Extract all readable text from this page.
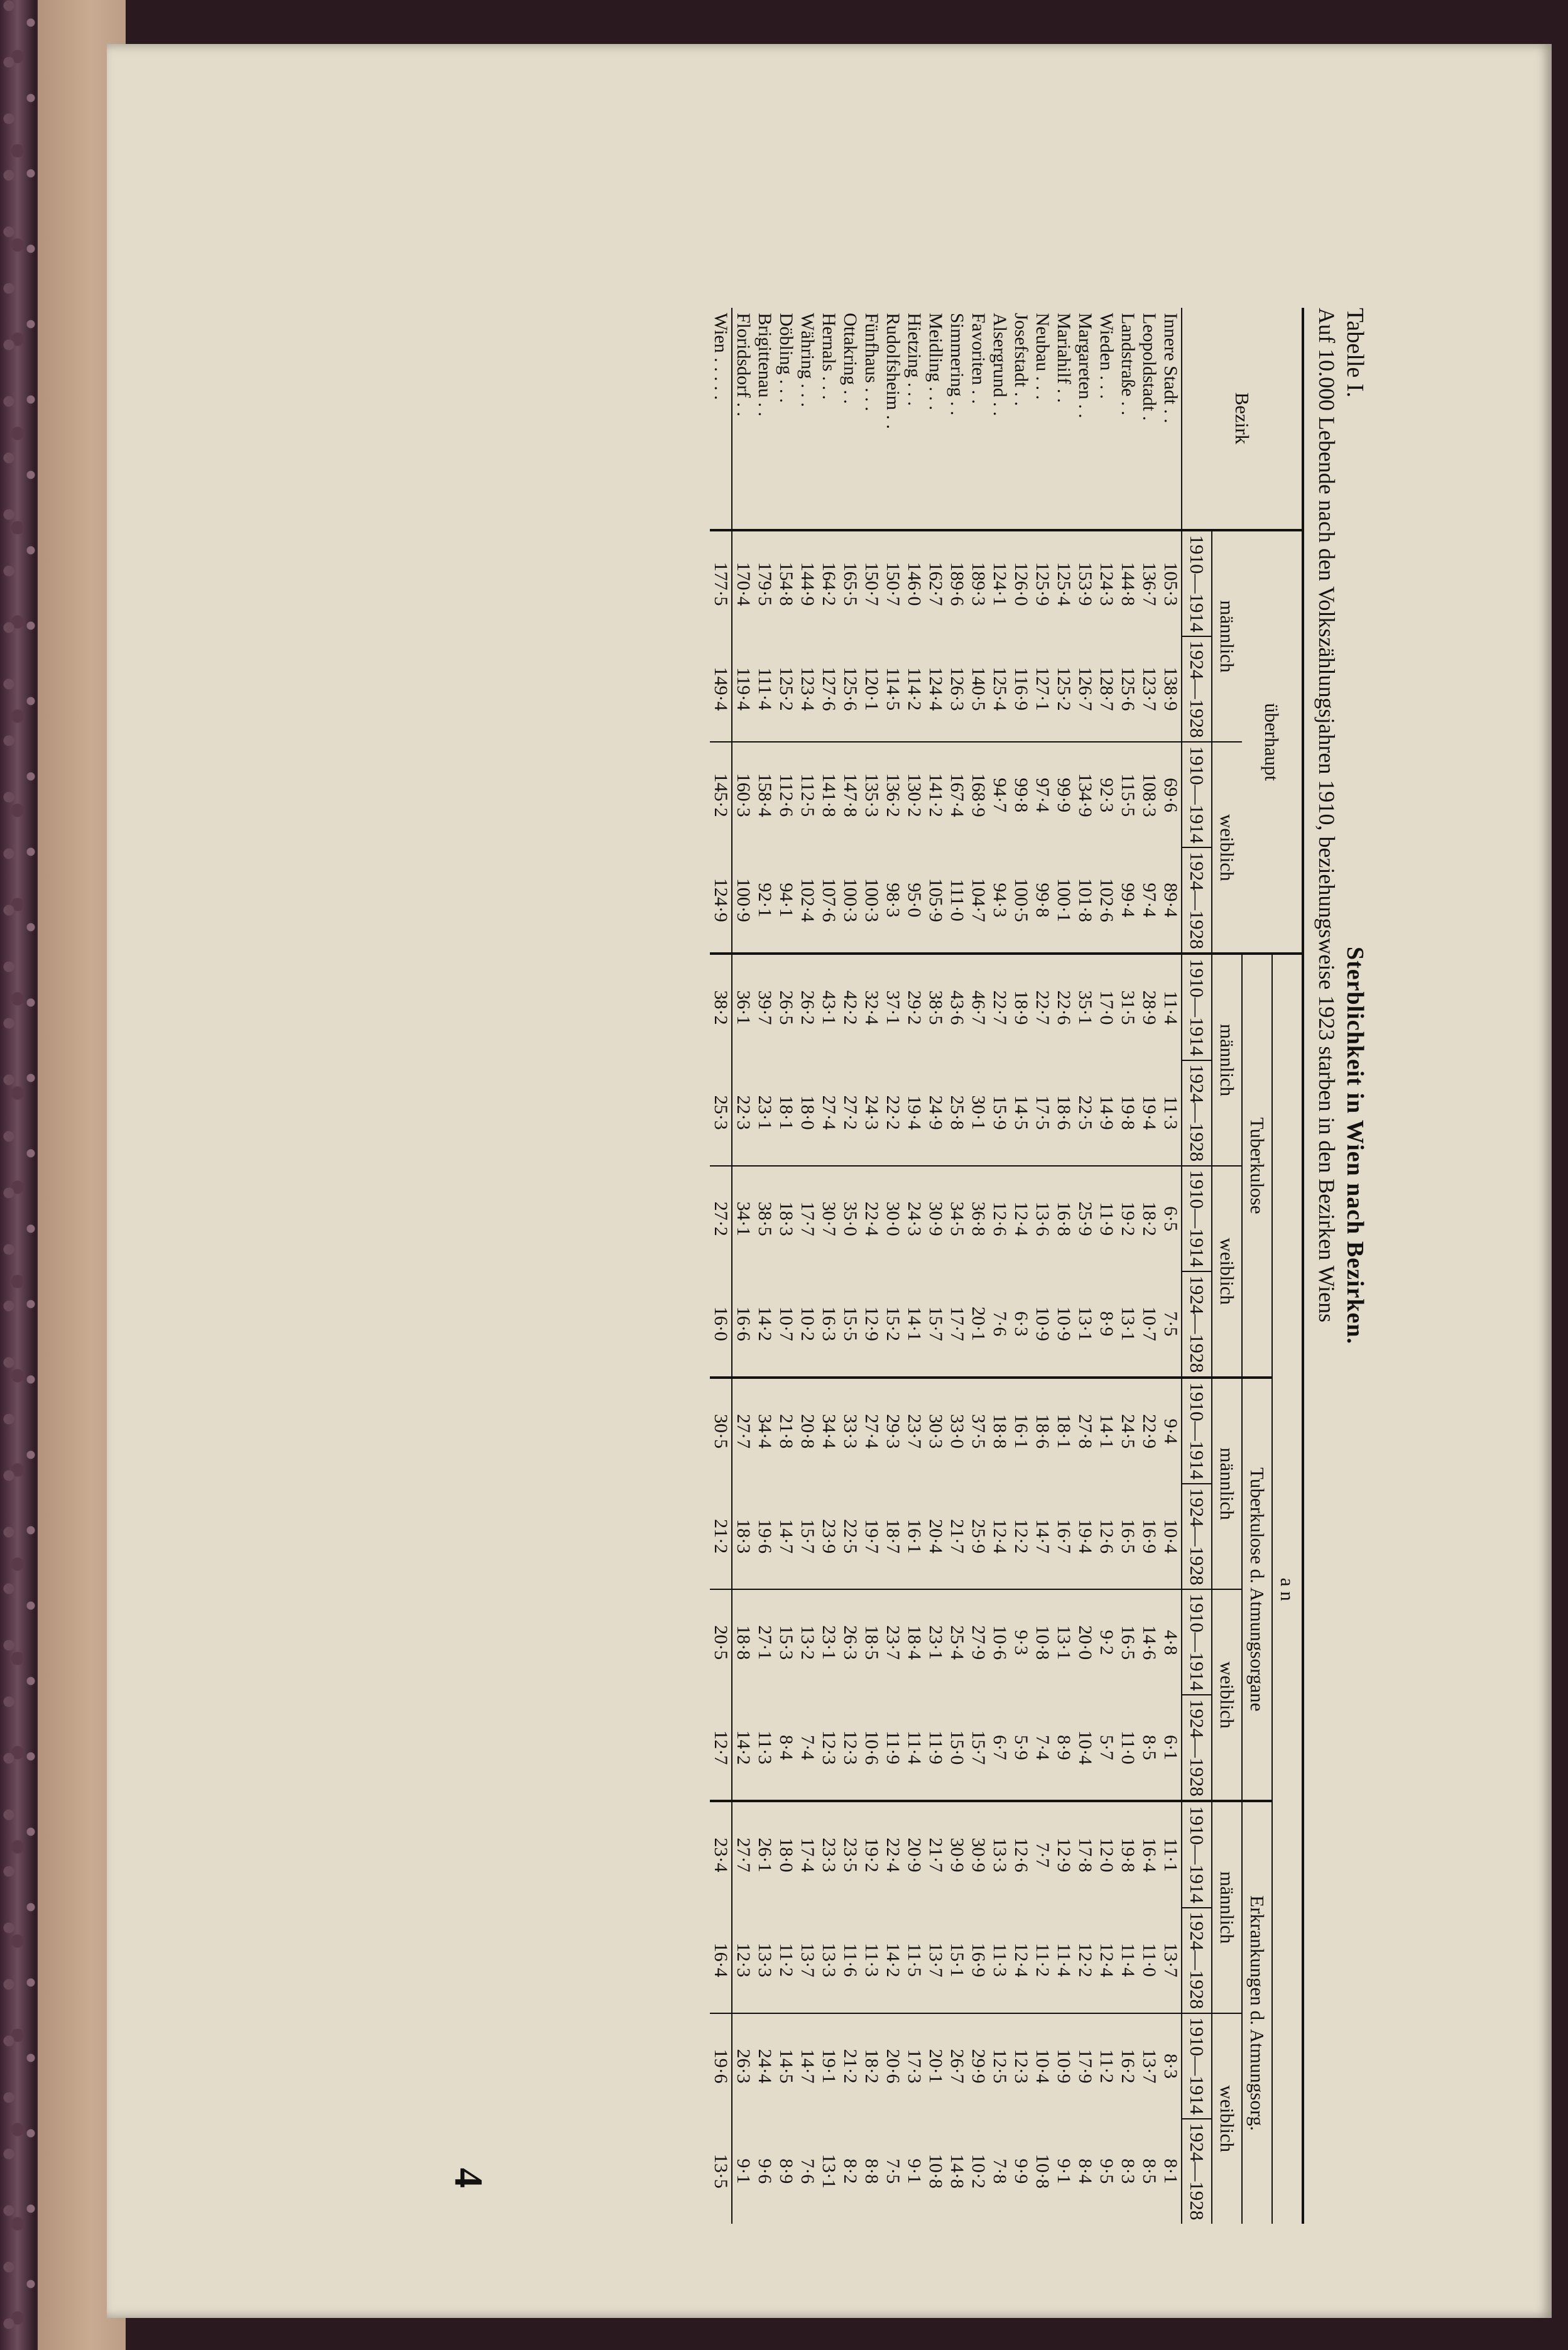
Tabelle I.                                                                                            Sterblichkeit in Wien nach Bezirken.
Auf 10.000 Lebende nach den Volkszählungsjahren 1910, beziehungsweise 1923 starben in den Bezirken Wiens
Bezirk	überhaupt				a n											
					Tuberkulose				Tuberkulose d. Atmungsorgane				Erkrankungen d. Atmungsorg.			
	männlich		weiblich		männlich		weiblich		männlich		weiblich		männlich		weiblich	
	1910—1914	1924—1928	1910—1914	1924—1928	1910—1914	1924—1928	1910—1914	1924—1928	1910—1914	1924—1928	1910—1914	1924—1928	1910—1914	1924—1928	1910—1914	1924—1928
Innere Stadt . .	105·3	138·9	69·6	89·4	11·4	11·3	6·5	7·5	9·4	10·4	4·8	6·1	11·1	13·7	8·3	8·1
Leopoldstadt .	136·7	123·7	108·3	97·4	28·9	19·4	18·2	10·7	22·9	16·9	14·6	8·5	16·4	11·0	13·7	8·5
Landstraße . .	144·8	125·6	115·5	99·4	31·5	19·8	19·2	13·1	24·5	16·5	16·5	11·0	19·8	11·4	16·2	8·3
Wieden . . .	124·3	128·7	92·3	102·6	17·0	14·9	11·9	8·9	14·1	12·6	9·2	5·7	12·0	12·4	11·2	9·5
Margareten . .	153·9	126·7	134·9	101·8	35·1	22·5	25·9	13·1	27·8	19·4	20·0	10·4	17·8	12·2	17·9	8·4
Mariahilf . .	125·4	125·2	99·9	100·1	22·6	18·6	16·8	10·9	18·1	16·7	13·1	8·9	12·9	11·4	10·9	9·1
Neubau . . .	125·9	127·1	97·4	99·8	22·7	17·5	13·6	10·9	18·6	14·7	10·8	7·4	7·7	11·2	10·4	10·8
Josefstadt . .	126·0	116·9	99·8	100·5	18·9	14·5	12·4	6·3	16·1	12·2	9·3	5·9	12·6	12·4	12·3	9·9
Alsergrund . .	124·1	125·4	94·7	94·3	22·7	15·9	12·6	7·6	18·8	12·4	10·6	6·7	13·3	11·3	12·5	7·8
Favoriten . .	189·3	140·5	168·9	104·7	46·7	30·1	36·8	20·1	37·5	25·9	27·9	15·7	30·9	16·9	29·9	10·2
Simmering . .	189·6	126·3	167·4	111·0	43·6	25·8	34·5	17·7	33·0	21·7	25·4	15·0	30·9	15·1	26·7	14·8
Meidling . . .	162·7	124·4	141·2	105·9	38·5	24·9	30·9	15·7	30·3	20·4	23·1	11·9	21·7	13·7	20·1	10·8
Hietzing . . .	146·0	114·2	130·2	95·0	29·2	19·4	24·3	14·1	23·7	16·1	18·4	11·4	20·9	11·5	17·3	9·1
Rudolfsheim . .	150·7	114·5	136·2	98·3	37·1	22·2	30·0	15·2	29·3	18·7	23·7	11·9	22·4	14·2	20·6	7·5
Fünfhaus . . .	150·7	120·1	135·3	100·3	32·4	24·3	22·4	12·9	27·4	19·7	18·5	10·6	19·2	11·3	18·2	8·8
Ottakring . .	165·5	125·6	147·8	100·3	42·2	27·2	35·0	15·5	33·3	22·5	26·3	12·3	23·5	11·6	21·2	8·2
Hernals . . .	164·2	127·6	141·8	107·6	43·1	27·4	30·7	16·3	34·4	23·9	23·1	12·3	23·3	13·3	19·1	13·1
Währing . . .	144·9	123·4	112·5	102·4	26·2	18·0	17·7	10·2	20·8	15·7	13·2	7·4	17·4	13·7	14·7	7·6
Döbling . . .	154·8	125·2	112·6	94·1	26·5	18·1	18·3	10·7	21·8	14·7	15·3	8·4	18·0	11·2	14·5	8·9
Brigittenau . .	179·5	111·4	158·4	92·1	39·7	23·1	38·5	14·2	34·4	19·6	27·1	11·3	26·1	13·3	24·4	9·6
Floridsdorf . .	170·4	119·4	160·3	100·9	36·1	22·3	34·1	16·6	27·7	18·3	18·8	14·2	27·7	12·3	26·3	9·1
Wien . . . . .	177·5	149·4	145·2	124·9	38·2	25·3	27·2	16·0	30·5	21·2	20·5	12·7	23·4	16·4	19·6	13·5
4
